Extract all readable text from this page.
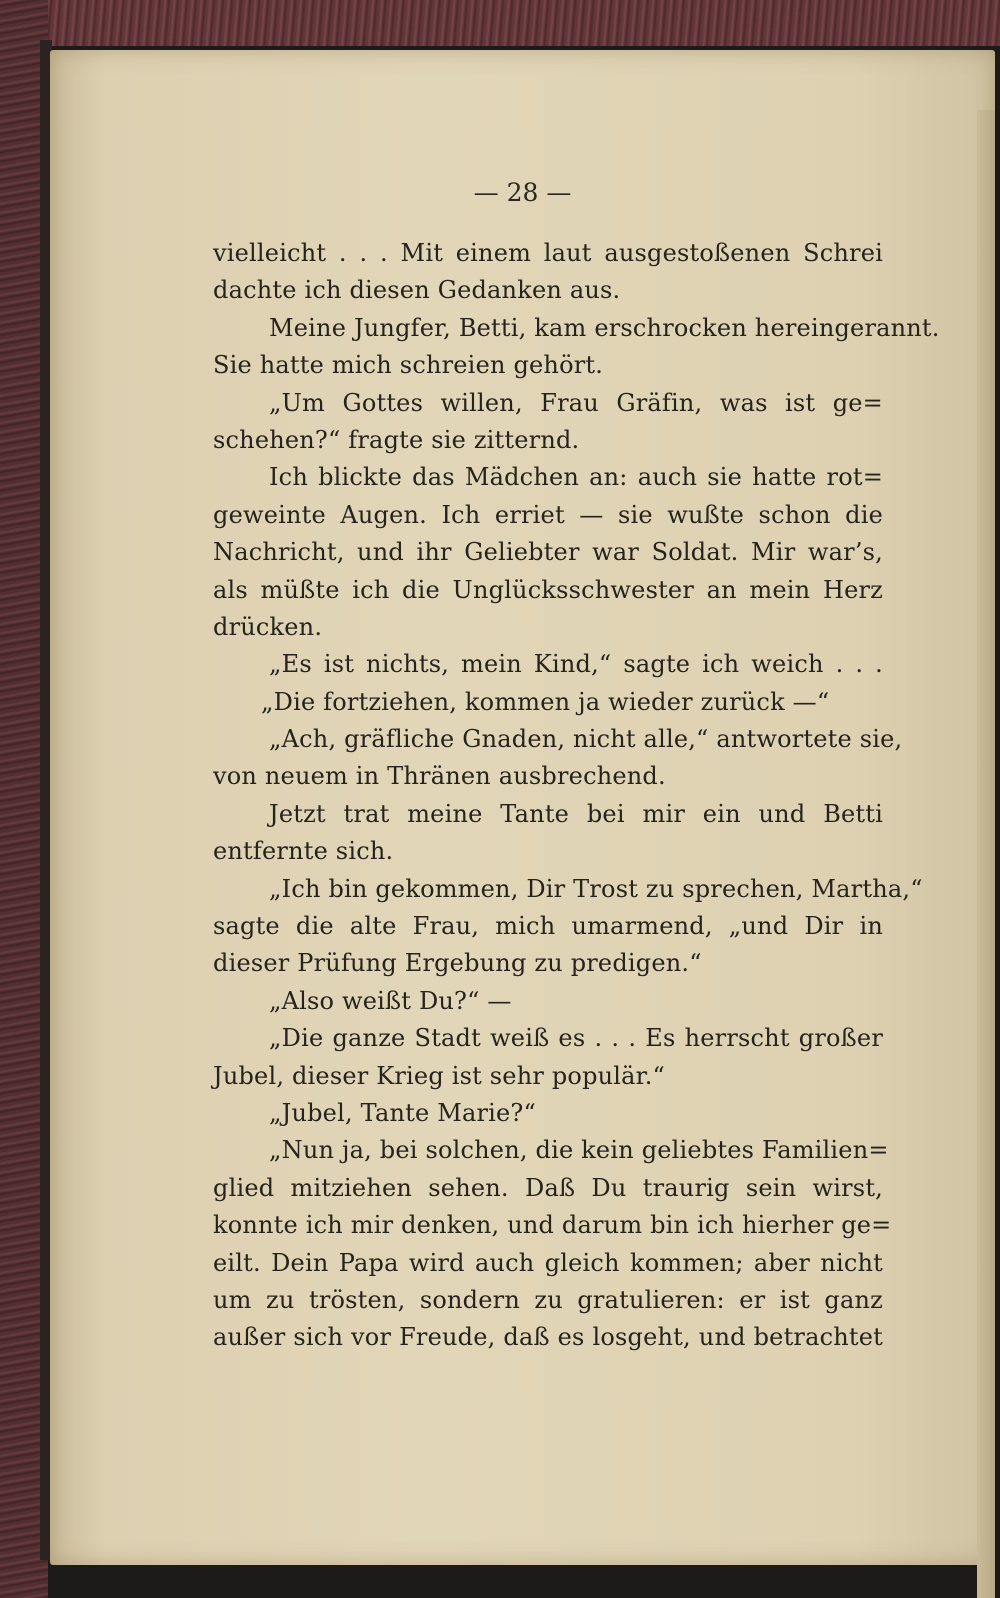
— 28 —
vielleicht . . . Mit einem laut ausgestoßenen Schrei
dachte ich diesen Gedanken aus.
Meine Jungfer, Betti, kam erschrocken hereingerannt.
Sie hatte mich schreien gehört.
„Um Gottes willen, Frau Gräfin, was ist ge=
schehen?“ fragte sie zitternd.
Ich blickte das Mädchen an: auch sie hatte rot=
geweinte Augen. Ich erriet — sie wußte schon die
Nachricht, und ihr Geliebter war Soldat. Mir war’s,
als müßte ich die Unglücksschwester an mein Herz
drücken.
„Es ist nichts, mein Kind,“ sagte ich weich . . .
„Die fortziehen, kommen ja wieder zurück —“
„Ach, gräfliche Gnaden, nicht alle,“ antwortete sie,
von neuem in Thränen ausbrechend.
Jetzt trat meine Tante bei mir ein und Betti
entfernte sich.
„Ich bin gekommen, Dir Trost zu sprechen, Martha,“
sagte die alte Frau, mich umarmend, „und Dir in
dieser Prüfung Ergebung zu predigen.“
„Also weißt Du?“ —
„Die ganze Stadt weiß es . . . Es herrscht großer
Jubel, dieser Krieg ist sehr populär.“
„Jubel, Tante Marie?“
„Nun ja, bei solchen, die kein geliebtes Familien=
glied mitziehen sehen. Daß Du traurig sein wirst,
konnte ich mir denken, und darum bin ich hierher ge=
eilt. Dein Papa wird auch gleich kommen; aber nicht
um zu trösten, sondern zu gratulieren: er ist ganz
außer sich vor Freude, daß es losgeht, und betrachtet
